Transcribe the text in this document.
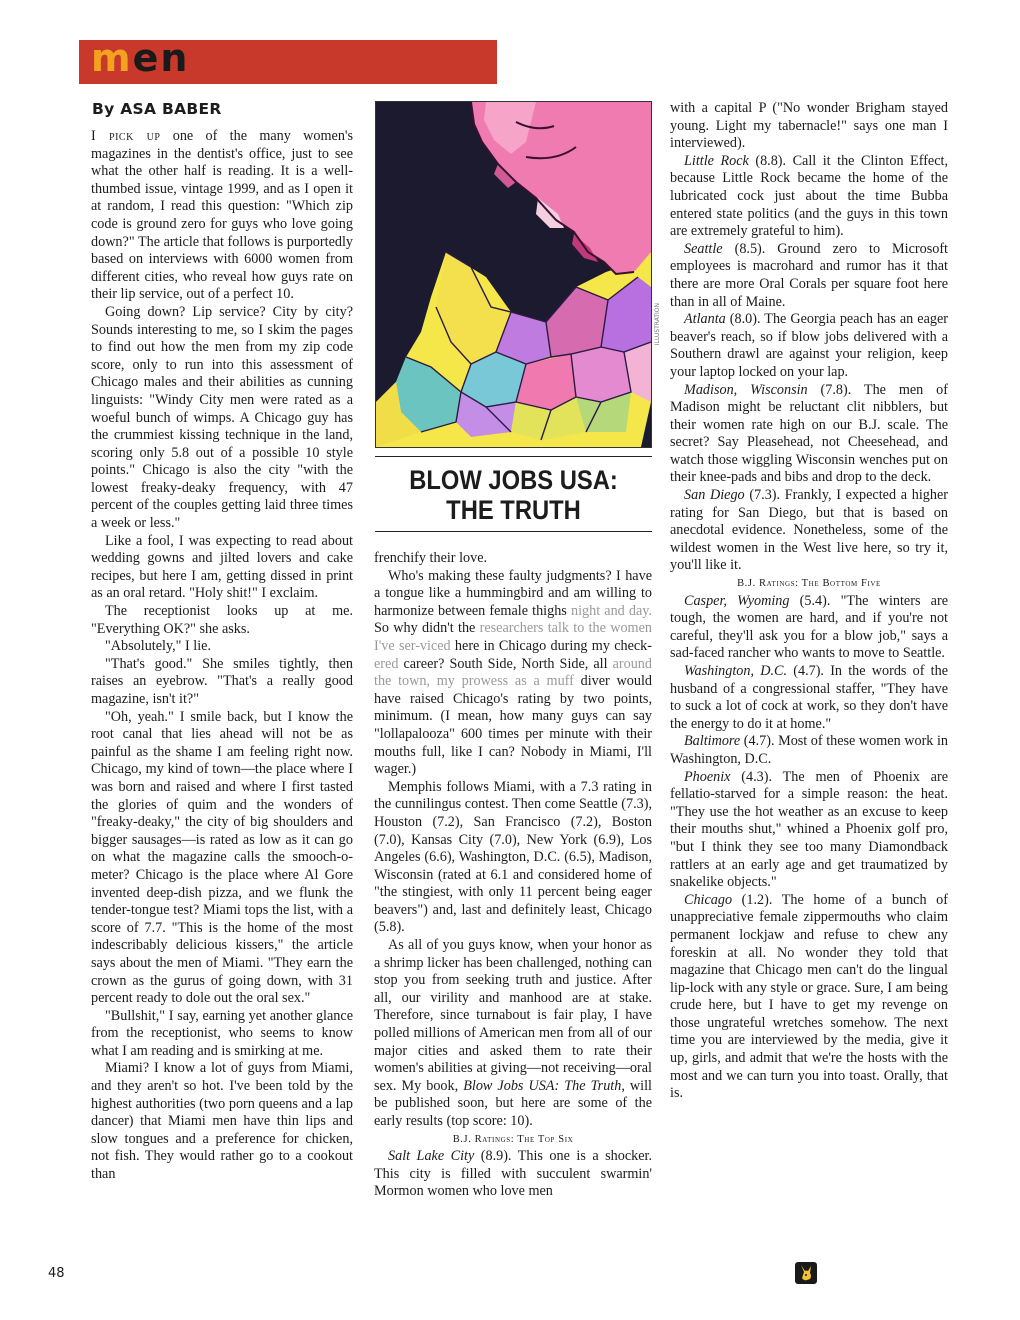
men
By ASA BABER

I pick up one of the many women's magazines in the dentist's office, just to see what the other half is reading. It is a well-thumbed issue, vintage 1999, and as I open it at random, I read this question: "Which zip code is ground zero for guys who love going down?" The article that follows is purportedly based on interviews with 6000 women from different cities, who reveal how guys rate on their lip service, out of a perfect 10.

Going down? Lip service? City by city? Sounds interesting to me, so I skim the pages to find out how the men from my zip code score, only to run into this assessment of Chicago males and their abilities as cunning linguists: "Windy City men were rated as a woeful bunch of wimps. A Chicago guy has the crummiest kissing technique in the land, scoring only 5.8 out of a possible 10 style points." Chicago is also the city "with the lowest freaky-deaky frequency, with 47 percent of the couples getting laid three times a week or less."

Like a fool, I was expecting to read about wedding gowns and jilted lovers and cake recipes, but here I am, getting dissed in print as an oral retard. "Holy shit!" I exclaim.

The receptionist looks up at me. "Everything OK?" she asks.

"Absolutely," I lie.

"That's good." She smiles tightly, then raises an eyebrow. "That's a really good magazine, isn't it?"

"Oh, yeah." I smile back, but I know the root canal that lies ahead will not be as painful as the shame I am feeling right now. Chicago, my kind of town—the place where I was born and raised and where I first tasted the glories of quim and the wonders of "freaky-deaky," the city of big shoulders and bigger sausages—is rated as low as it can go on what the magazine calls the smooch-o-meter? Chicago is the place where Al Gore invented deep-dish pizza, and we flunk the tender-tongue test? Miami tops the list, with a score of 7.7. "This is the home of the most indescribably delicious kissers," the article says about the men of Miami. "They earn the crown as the gurus of going down, with 31 percent ready to dole out the oral sex."

"Bullshit," I say, earning yet another glance from the receptionist, who seems to know what I am reading and is smirking at me.

Miami? I know a lot of guys from Miami, and they aren't so hot. I've been told by the highest authorities (two porn queens and a lap dancer) that Miami men have thin lips and slow tongues and a preference for chicken, not fish. They would rather go to a cookout than

48
ILLUSTRATION
BLOW JOBS USA:
THE TRUTH

frenchify their love.

Who's making these faulty judgments? I have a tongue like a hummingbird and am willing to harmonize between female thighs night and day. So why didn't the researchers talk to the women I've ser-viced here in Chicago during my check-ered career? South Side, North Side, all around the town, my prowess as a muff diver would have raised Chicago's rating by two points, minimum. (I mean, how many guys can say "lollapalooza" 600 times per minute with their mouths full, like I can? Nobody in Miami, I'll wager.)

Memphis follows Miami, with a 7.3 rating in the cunnilingus contest. Then come Seattle (7.3), Houston (7.2), San Francisco (7.2), Boston (7.0), Kansas City (7.0), New York (6.9), Los Angeles (6.6), Washington, D.C. (6.5), Madison, Wisconsin (rated at 6.1 and considered home of "the stingiest, with only 11 percent being eager beavers") and, last and definitely least, Chicago (5.8).

As all of you guys know, when your honor as a shrimp licker has been challenged, nothing can stop you from seeking truth and justice. After all, our virility and manhood are at stake. Therefore, since turnabout is fair play, I have polled millions of American men from all of our major cities and asked them to rate their women's abilities at giving—not receiving—oral sex. My book, Blow Jobs USA: The Truth, will be published soon, but here are some of the early results (top score: 10).

B.J. Ratings: The Top Six

Salt Lake City (8.9). This one is a shocker. This city is filled with succulent swarmin' Mormon women who love men

with a capital P ("No wonder Brigham stayed young. Light my tabernacle!" says one man I interviewed).

Little Rock (8.8). Call it the Clinton Effect, because Little Rock became the home of the lubricated cock just about the time Bubba entered state politics (and the guys in this town are extremely grateful to him).

Seattle (8.5). Ground zero to Microsoft employees is macrohard and rumor has it that there are more Oral Corals per square foot here than in all of Maine.

Atlanta (8.0). The Georgia peach has an eager beaver's reach, so if blow jobs delivered with a Southern drawl are against your religion, keep your laptop locked on your lap.

Madison, Wisconsin (7.8). The men of Madison might be reluctant clit nibblers, but their women rate high on our B.J. scale. The secret? Say Pleasehead, not Cheesehead, and watch those wiggling Wisconsin wenches put on their knee-pads and bibs and drop to the deck.

San Diego (7.3). Frankly, I expected a higher rating for San Diego, but that is based on anecdotal evidence. Nonetheless, some of the wildest women in the West live here, so try it, you'll like it.

B.J. Ratings: The Bottom Five

Casper, Wyoming (5.4). "The winters are tough, the women are hard, and if you're not careful, they'll ask you for a blow job," says a sad-faced rancher who wants to move to Seattle.

Washington, D.C. (4.7). In the words of the husband of a congressional staffer, "They have to suck a lot of cock at work, so they don't have the energy to do it at home."

Baltimore (4.7). Most of these women work in Washington, D.C.

Phoenix (4.3). The men of Phoenix are fellatio-starved for a simple reason: the heat. "They use the hot weather as an excuse to keep their mouths shut," whined a Phoenix golf pro, "but I think they see too many Diamondback rattlers at an early age and get traumatized by snakelike objects."

Chicago (1.2). The home of a bunch of unappreciative female zippermouths who claim permanent lockjaw and refuse to chew any foreskin at all. No wonder they told that magazine that Chicago men can't do the lingual lip-lock with any style or grace. Sure, I am being crude here, but I have to get my revenge on those ungrateful wretches somehow. The next time you are interviewed by the media, give it up, girls, and admit that we're the hosts with the most and we can turn you into toast. Orally, that is.
